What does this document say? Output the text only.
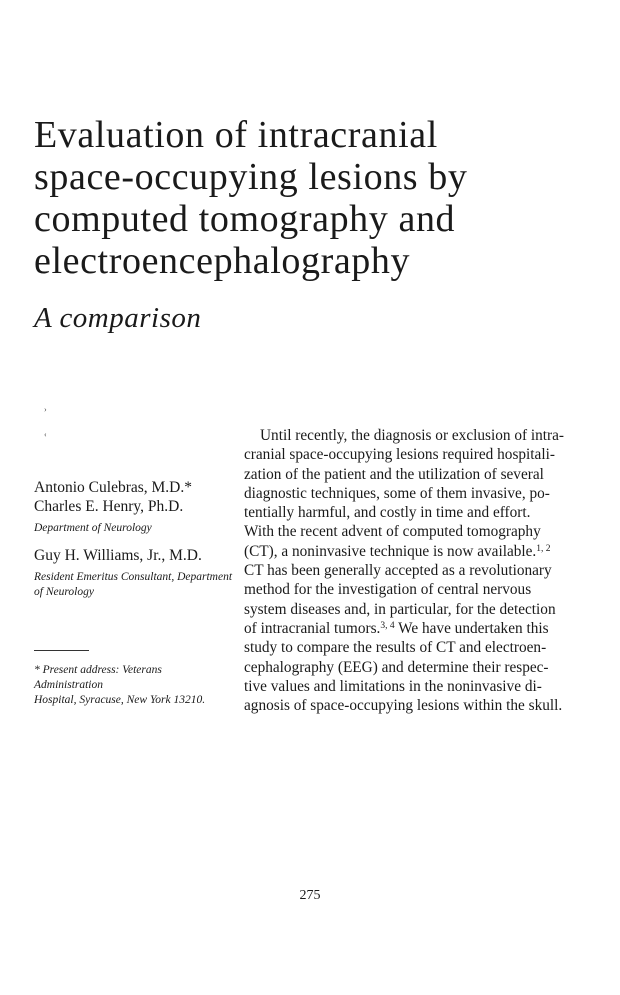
Evaluation of intracranial
space-occupying lesions by
computed tomography and
electroencephalography
A comparison
›
‹
Antonio Culebras, M.D.*
Charles E. Henry, Ph.D.
Department of Neurology
Guy H. Williams, Jr., M.D.
Resident Emeritus Consultant, Department
of Neurology
* Present address: Veterans Administration
Hospital, Syracuse, New York 13210.

Until recently, the diagnosis or exclusion of intra-
cranial space-occupying lesions required hospitali-
zation of the patient and the utilization of several
diagnostic techniques, some of them invasive, po-
tentially harmful, and costly in time and effort.
With the recent advent of computed tomography
(CT), a noninvasive technique is now available.$^{1, 2}$
CT has been generally accepted as a revolutionary
method for the investigation of central nervous
system diseases and, in particular, for the detection
of intracranial tumors.$^{3, 4}$ We have undertaken this
study to compare the results of CT and electroen-
cephalography (EEG) and determine their respec-
tive values and limitations in the noninvasive di-
agnosis of space-occupying lesions within the skull.

275
